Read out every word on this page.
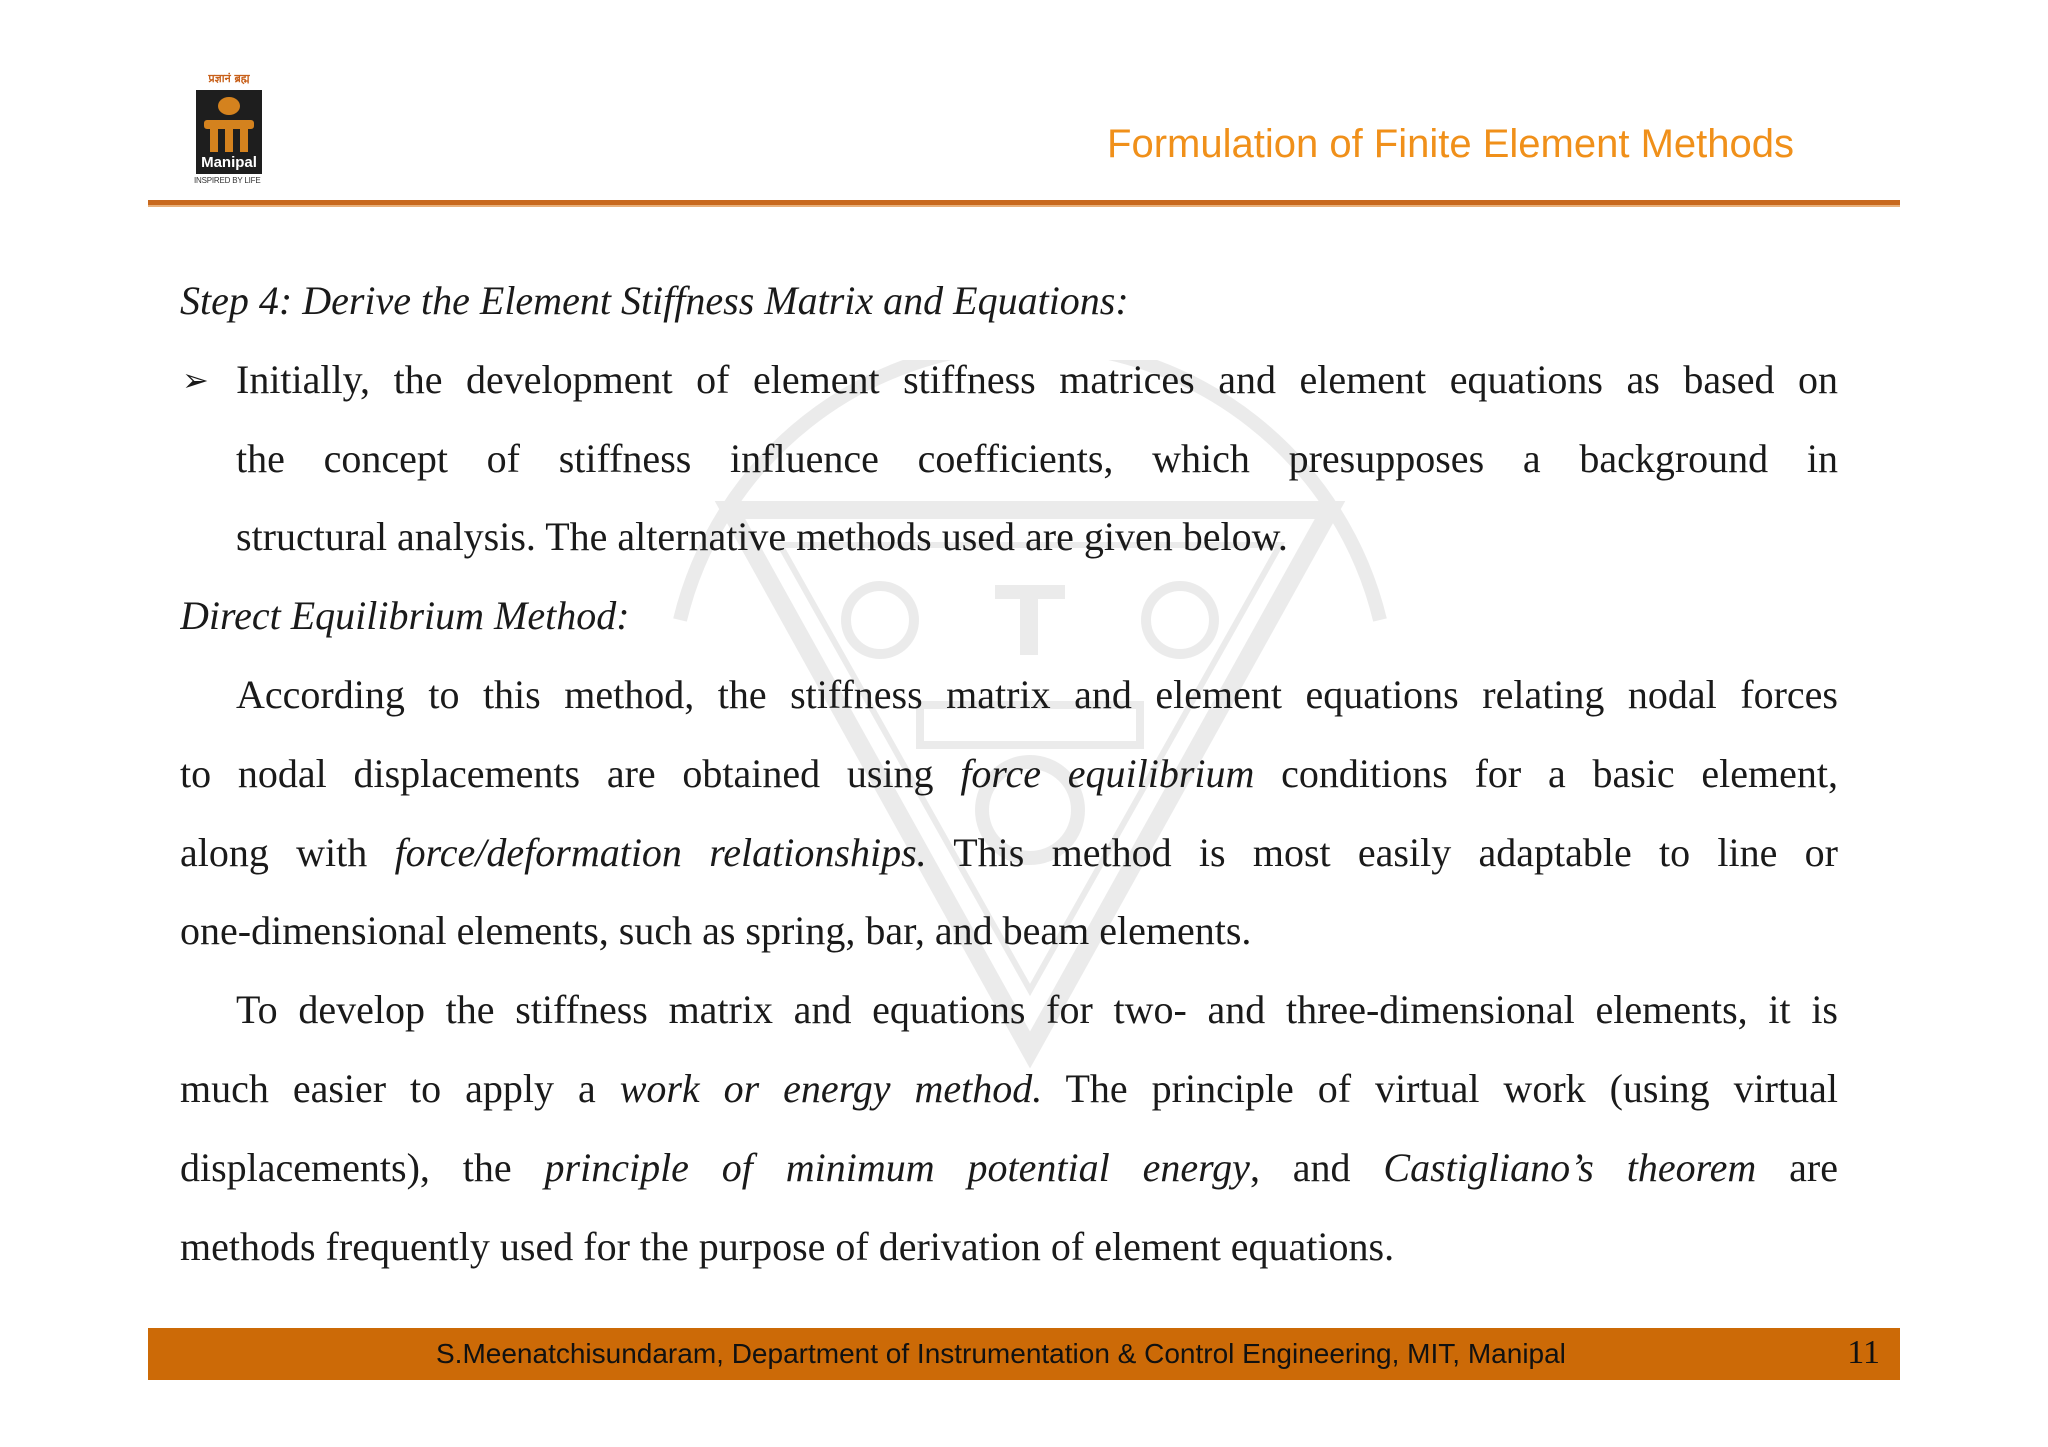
प्रज्ञानं ब्रह्म
Manipal
INSPIRED BY LIFE
Formulation of Finite Element Methods
Step 4: Derive the Element Stiffness Matrix and Equations:
➢ Initially, the development of element stiffness matrices and element equations as based on
the concept of stiffness influence coefficients, which presupposes a background in
structural analysis. The alternative methods used are given below.
Direct Equilibrium Method:
According to this method, the stiffness matrix and element equations relating nodal forces
to nodal displacements are obtained using force equilibrium conditions for a basic element,
along with force/deformation relationships. This method is most easily adaptable to line or
one-dimensional elements, such as spring, bar, and beam elements.
To develop the stiffness matrix and equations for two- and three-dimensional elements, it is
much easier to apply a work or energy method. The principle of virtual work (using virtual
displacements), the principle of minimum potential energy, and Castigliano’s theorem are
methods frequently used for the purpose of derivation of element equations.
S.Meenatchisundaram, Department of Instrumentation & Control Engineering, MIT, Manipal	11
